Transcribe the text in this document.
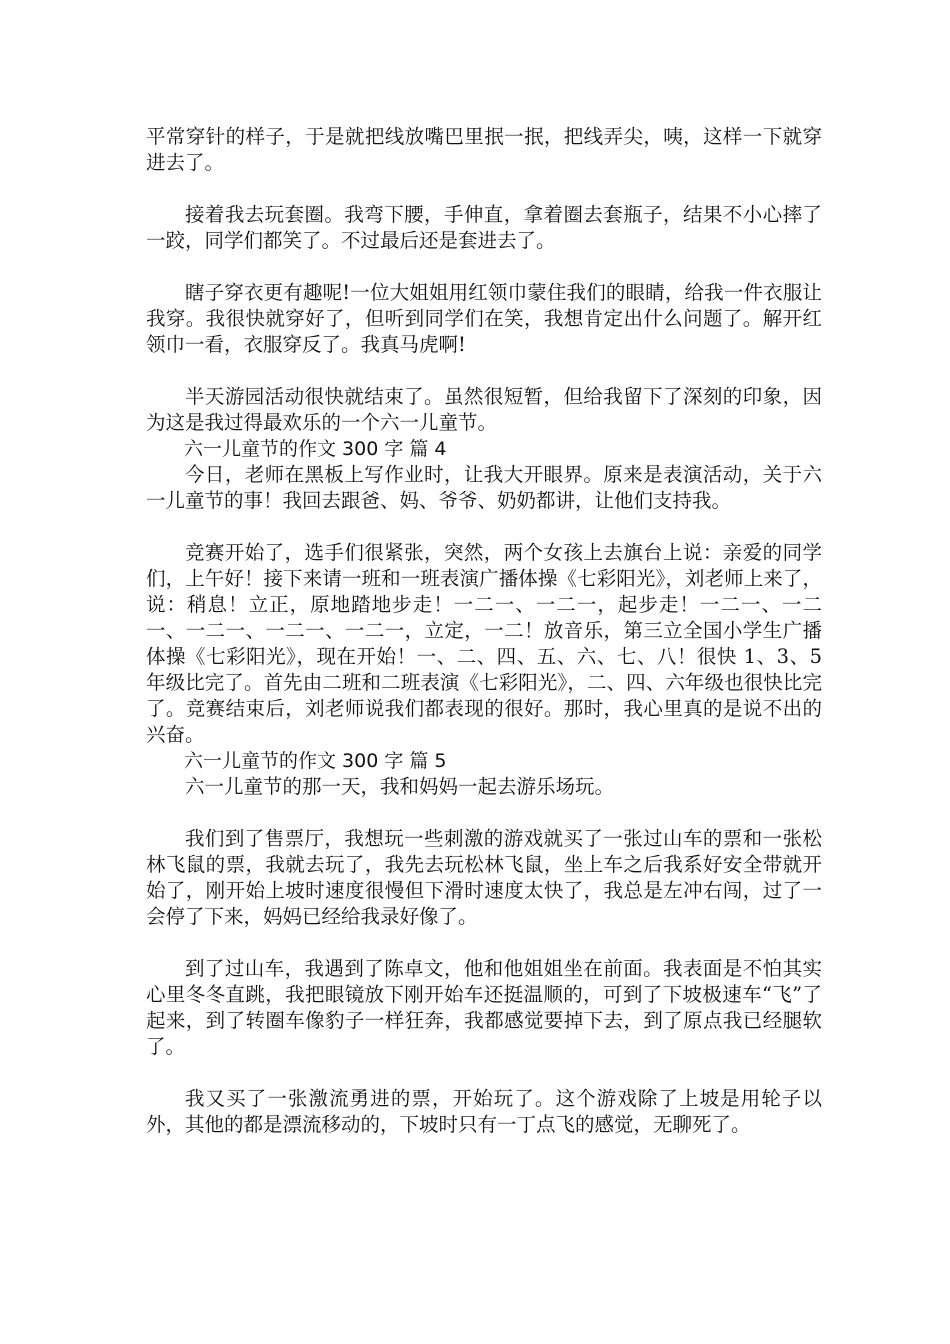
平常穿针的样子，于是就把线放嘴巴里抿一抿，把线弄尖，咦，这样一下就穿进去了。

接着我去玩套圈。我弯下腰，手伸直，拿着圈去套瓶子，结果不小心摔了一跤，同学们都笑了。不过最后还是套进去了。

瞎子穿衣更有趣呢!一位大姐姐用红领巾蒙住我们的眼睛，给我一件衣服让我穿。我很快就穿好了，但听到同学们在笑，我想肯定出什么问题了。解开红领巾一看，衣服穿反了。我真马虎啊!

半天游园活动很快就结束了。虽然很短暂，但给我留下了深刻的印象，因为这是我过得最欢乐的一个六一儿童节。

六一儿童节的作文 300 字 篇 4

今日，老师在黑板上写作业时，让我大开眼界。原来是表演活动，关于六一儿童节的事！我回去跟爸、妈、爷爷、奶奶都讲，让他们支持我。

竞赛开始了，选手们很紧张，突然，两个女孩上去旗台上说：亲爱的同学们，上午好！接下来请一班和一班表演广播体操《七彩阳光》，刘老师上来了，说：稍息！立正，原地踏地步走！一二一、一二一，起步走！一二一、一二一、一二一、一二一、一二一，立定，一二！放音乐，第三立全国小学生广播体操《七彩阳光》，现在开始！一、二、四、五、六、七、八！很快 1、3、5 年级比完了。首先由二班和二班表演《七彩阳光》，二、四、六年级也很快比完了。竞赛结束后，刘老师说我们都表现的很好。那时，我心里真的是说不出的兴奋。

六一儿童节的作文 300 字 篇 5

六一儿童节的那一天，我和妈妈一起去游乐场玩。

我们到了售票厅，我想玩一些刺激的游戏就买了一张过山车的票和一张松林飞鼠的票，我就去玩了，我先去玩松林飞鼠，坐上车之后我系好安全带就开始了，刚开始上坡时速度很慢但下滑时速度太快了，我总是左冲右闯，过了一会停了下来，妈妈已经给我录好像了。

到了过山车，我遇到了陈卓文，他和他姐姐坐在前面。我表面是不怕其实心里冬冬直跳，我把眼镜放下刚开始车还挺温顺的，可到了下坡极速车“飞”了起来，到了转圈车像豹子一样狂奔，我都感觉要掉下去，到了原点我已经腿软了。

我又买了一张激流勇进的票，开始玩了。这个游戏除了上坡是用轮子以外，其他的都是漂流移动的，下坡时只有一丁点飞的感觉，无聊死了。
